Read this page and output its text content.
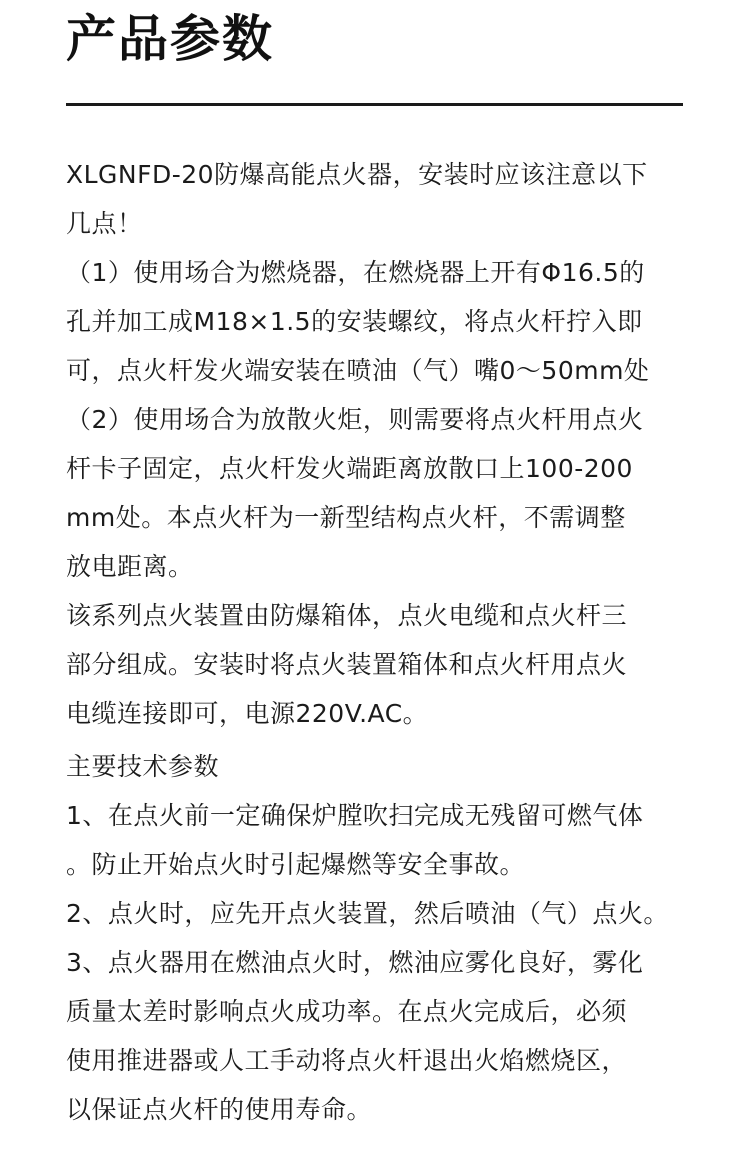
产品参数
XLGNFD-20防爆高能点火器，安装时应该注意以下
几点！
（1）使用场合为燃烧器，在燃烧器上开有Φ16.5的
孔并加工成M18×1.5的安装螺纹，将点火杆拧入即
可，点火杆发火端安装在喷油（气）嘴0～50mm处
（2）使用场合为放散火炬，则需要将点火杆用点火
杆卡子固定，点火杆发火端距离放散口上100-200
mm处。本点火杆为一新型结构点火杆，不需调整
放电距离。
该系列点火装置由防爆箱体，点火电缆和点火杆三
部分组成。安装时将点火装置箱体和点火杆用点火
电缆连接即可，电源220V.AC。
主要技术参数
1、在点火前一定确保炉膛吹扫完成无残留可燃气体
。防止开始点火时引起爆燃等安全事故。
2、点火时，应先开点火装置，然后喷油（气）点火。
3、点火器用在燃油点火时，燃油应雾化良好，雾化
质量太差时影响点火成功率。在点火完成后，必须
使用推进器或人工手动将点火杆退出火焰燃烧区，
以保证点火杆的使用寿命。
